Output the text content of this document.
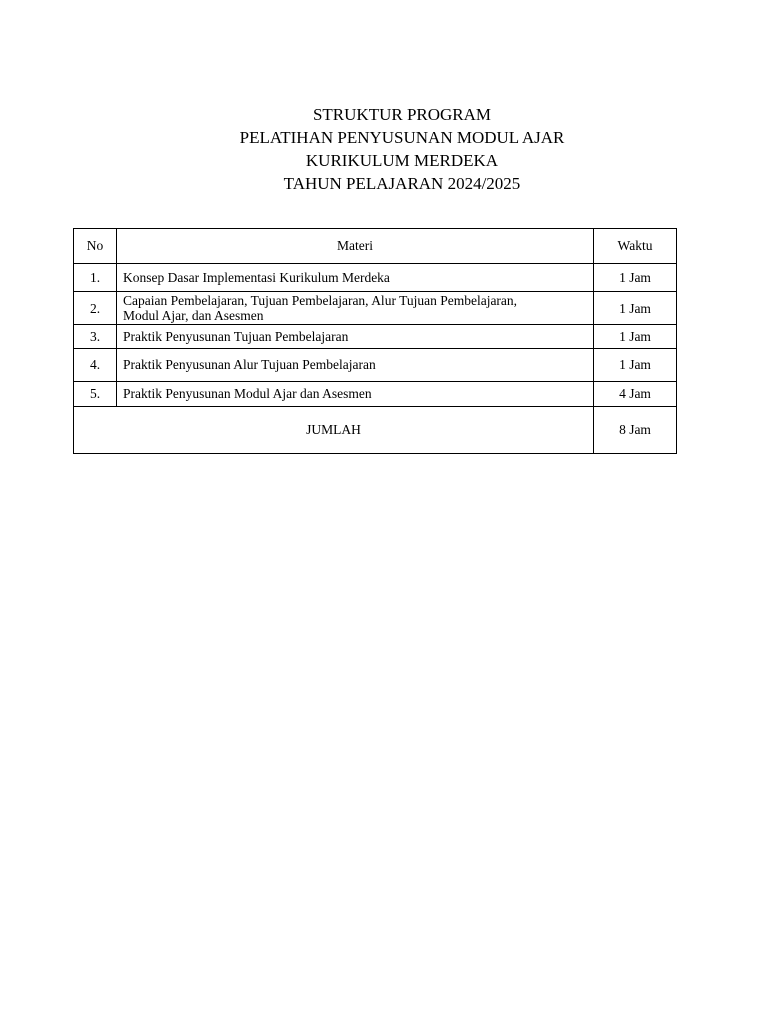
STRUKTUR PROGRAM
PELATIHAN PENYUSUNAN MODUL AJAR
KURIKULUM MERDEKA
TAHUN PELAJARAN 2024/2025
No	Materi	Waktu
1.	Konsep Dasar Implementasi Kurikulum Merdeka	1 Jam
2.	Capaian Pembelajaran, Tujuan Pembelajaran, Alur Tujuan Pembelajaran,
Modul Ajar, dan Asesmen	1 Jam
3.	Praktik Penyusunan Tujuan Pembelajaran	1 Jam
4.	Praktik Penyusunan Alur Tujuan Pembelajaran	1 Jam
5.	Praktik Penyusunan Modul Ajar dan Asesmen	4 Jam
JUMLAH		8 Jam
